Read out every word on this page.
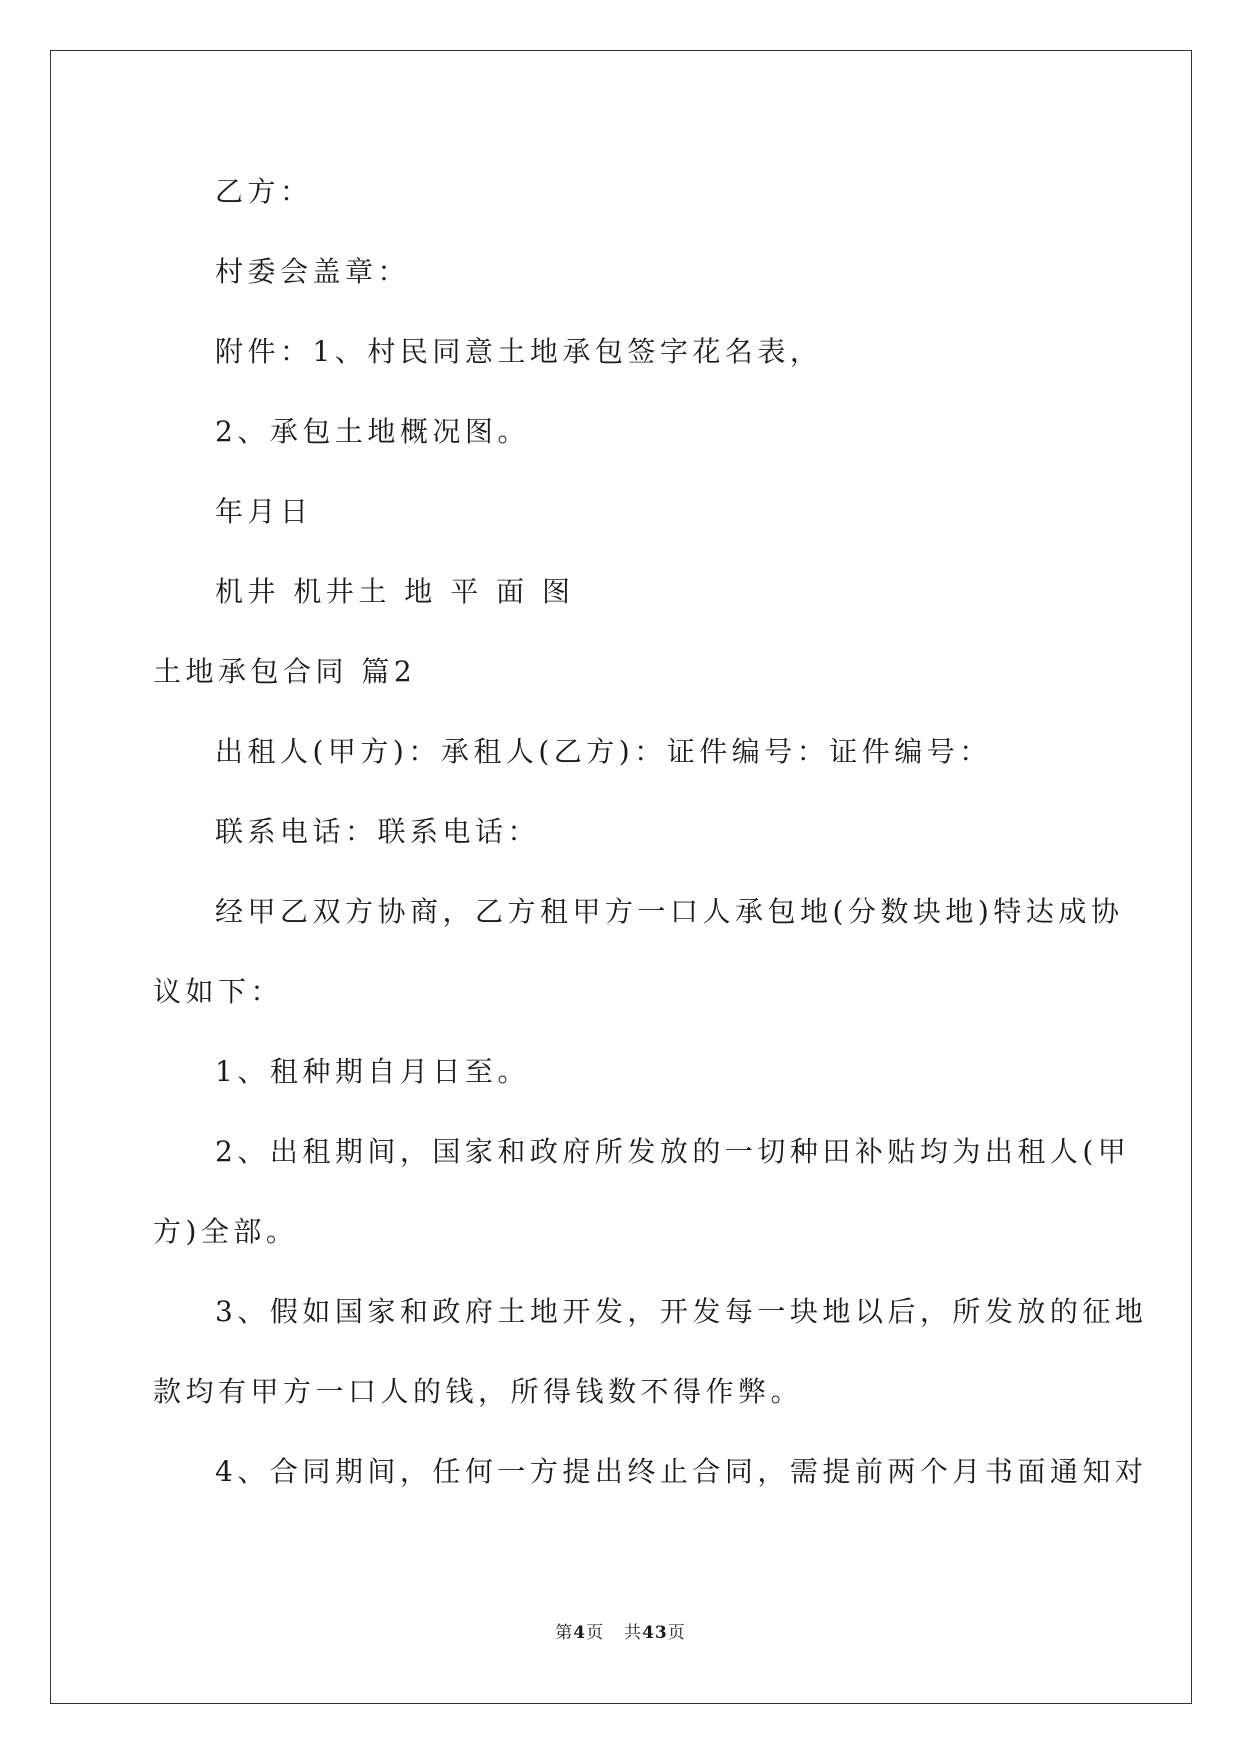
乙方：
村委会盖章：
附件：1、村民同意土地承包签字花名表，
2、承包土地概况图。
年月日
机井 机井土 地 平 面 图
土地承包合同 篇2
出租人(甲方)：承租人(乙方)：证件编号：证件编号：
联系电话：联系电话：
经甲乙双方协商，乙方租甲方一口人承包地(分数块地)特达成协
议如下：
1、租种期自月日至。
2、出租期间，国家和政府所发放的一切种田补贴均为出租人(甲
方)全部。
3、假如国家和政府土地开发，开发每一块地以后，所发放的征地
款均有甲方一口人的钱，所得钱数不得作弊。
4、合同期间，任何一方提出终止合同，需提前两个月书面通知对
第4页 共43页
